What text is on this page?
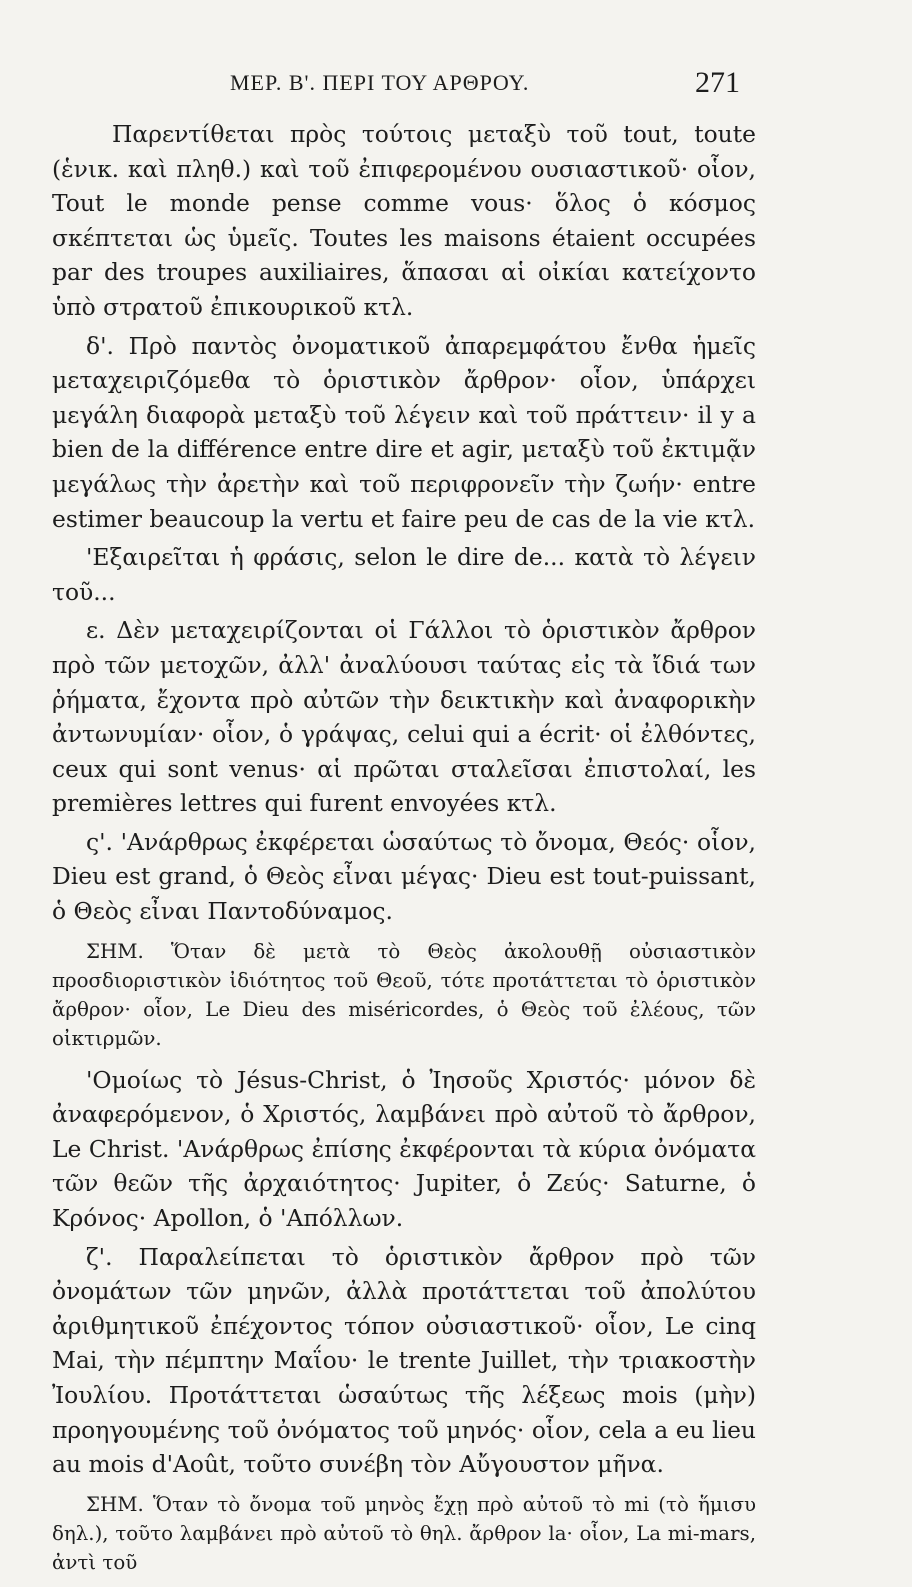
ΜΕΡ. Β'. ΠΕΡΙ ΤΟΥ ΑΡΘΡΟΥ.	271

Παρεντίθεται πρὸς τούτοις μεταξὺ τοῦ tout, toute (ἑνικ. καὶ πληθ.) καὶ τοῦ ἐπιφερομένου ουσιαστικοῦ· οἷον, Tout le monde pense comme vous· ὅλος ὁ κόσμος σκέπτεται ὡς ὑμεῖς. Toutes les maisons étaient occupées par des troupes auxiliaires, ἅπασαι αἱ οἰκίαι κατείχοντο ὑπὸ στρατοῦ ἐπικουρικοῦ κτλ.

δ'. Πρὸ παντὸς ὀνοματικοῦ ἀπαρεμφάτου ἔνθα ἡμεῖς μεταχειριζόμεθα τὸ ὁριστικὸν ἄρθρον· οἷον, ὑπάρχει μεγάλη διαφορὰ μεταξὺ τοῦ λέγειν καὶ τοῦ πράττειν· il y a bien de la différence entre dire et agir, μεταξὺ τοῦ ἐκτιμᾷν μεγάλως τὴν ἀρετὴν καὶ τοῦ περιφρονεῖν τὴν ζωήν· entre estimer beaucoup la vertu et faire peu de cas de la vie κτλ.

'Εξαιρεῖται ἡ φράσις, selon le dire de... κατὰ τὸ λέγειν τοῦ...

ε. Δὲν μεταχειρίζονται οἱ Γάλλοι τὸ ὁριστικὸν ἄρθρον πρὸ τῶν μετοχῶν, ἀλλ' ἀναλύουσι ταύτας εἰς τὰ ἴδιά των ῥήματα, ἔχοντα πρὸ αὐτῶν τὴν δεικτικὴν καὶ ἀναφορικὴν ἀντωνυμίαν· οἷον, ὁ γράψας, celui qui a écrit· οἱ ἐλθόντες, ceux qui sont venus· αἱ πρῶται σταλεῖσαι ἐπιστολαί, les premières lettres qui furent envoyées κτλ.

ς'. 'Ανάρθρως ἐκφέρεται ὡσαύτως τὸ ὄνομα, Θεός· οἷον, Dieu est grand, ὁ Θεὸς εἶναι μέγας· Dieu est tout-puissant, ὁ Θεὸς εἶναι Παντοδύναμος.

ΣΗΜ. Ὅταν δὲ μετὰ τὸ Θεὸς ἀκολουθῇ οὐσιαστικὸν προσδιοριστικὸν ἰδιότητος τοῦ Θεοῦ, τότε προτάττεται τὸ ὁριστικὸν ἄρθρον· οἷον, Le Dieu des miséricordes, ὁ Θεὸς τοῦ ἐλέους, τῶν οἰκτιρμῶν.

'Ομοίως τὸ Jésus-Christ, ὁ Ἰησοῦς Χριστός· μόνον δὲ ἀναφερόμενον, ὁ Χριστός, λαμβάνει πρὸ αὐτοῦ τὸ ἄρθρον, Le Christ. 'Ανάρθρως ἐπίσης ἐκφέρονται τὰ κύρια ὀνόματα τῶν θεῶν τῆς ἀρχαιότητος· Jupiter, ὁ Ζεύς· Saturne, ὁ Κρόνος· Apollon, ὁ 'Απόλλων.

ζ'. Παραλείπεται τὸ ὁριστικὸν ἄρθρον πρὸ τῶν ὀνομάτων τῶν μηνῶν, ἀλλὰ προτάττεται τοῦ ἀπολύτου ἀριθμητικοῦ ἐπέχοντος τόπον οὐσιαστικοῦ· οἷον, Le cinq Mai, τὴν πέμπτην Μαΐου· le trente Juillet, τὴν τριακοστὴν Ἰουλίου. Προτάττεται ὡσαύτως τῆς λέξεως mois (μὴν) προηγουμένης τοῦ ὀνόματος τοῦ μηνός· οἷον, cela a eu lieu au mois d'Août, τοῦτο συνέβη τὸν Αὔγουστον μῆνα.

ΣΗΜ. Ὅταν τὸ ὄνομα τοῦ μηνὸς ἔχῃ πρὸ αὐτοῦ τὸ mi (τὸ ἥμισυ δηλ.), τοῦτο λαμβάνει πρὸ αὐτοῦ τὸ θηλ. ἄρθρον la· οἷον, La mi-mars, ἀντὶ τοῦ
